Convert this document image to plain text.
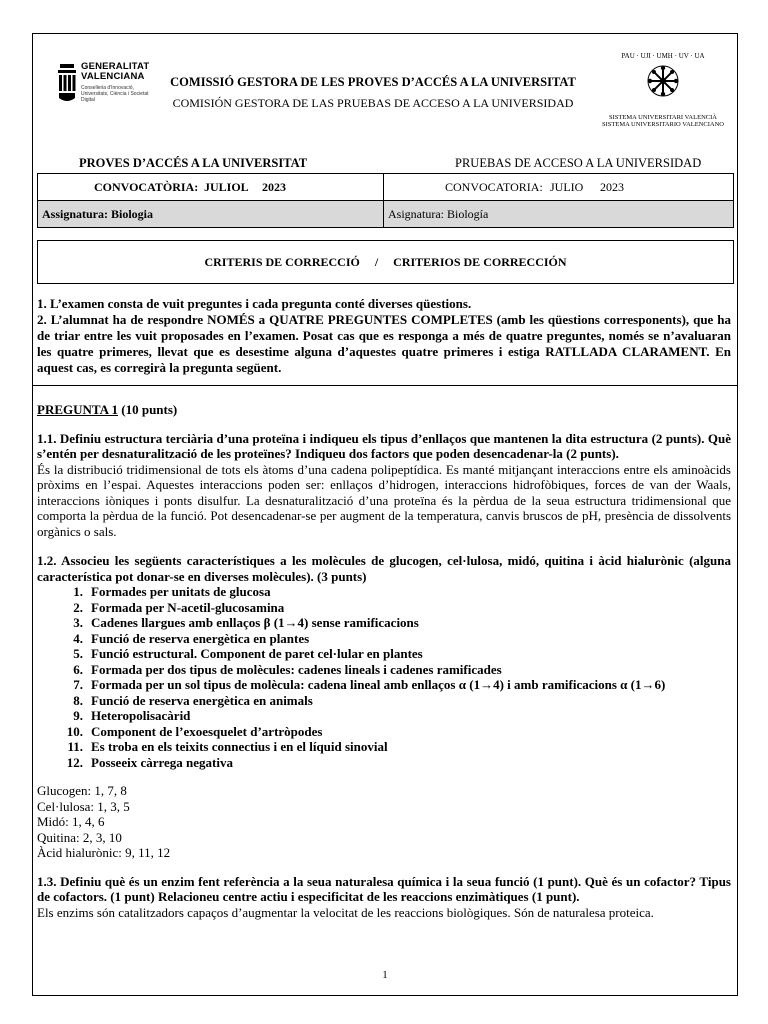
GENERALITAT
VALENCIANA
Conselleria d'Innovació, Universitats, Ciència i Societat Digital
COMISSIÓ GESTORA DE LES PROVES D’ACCÉS A LA UNIVERSITAT
COMISIÓN GESTORA DE LAS PRUEBAS DE ACCESO A LA UNIVERSIDAD
PAU · UJI · UMH · UV · UA
SISTEMA UNIVERSITARI VALENCIÀ
SISTEMA UNIVERSITARIO VALENCIANO
PROVES D’ACCÉS A LA UNIVERSITAT	PRUEBAS DE ACCESO A LA UNIVERSIDAD
CONVOCATÒRIA: JULIOL 2023	CONVOCATORIA: JULIO 2023
Assignatura: Biologia	Asignatura: Biología
CRITERIS DE CORRECCIÓ     /     CRITERIOS DE CORRECCIÓN
1. L’examen consta de vuit preguntes i cada pregunta conté diverses qüestions.
2. L’alumnat ha de respondre NOMÉS a QUATRE PREGUNTES COMPLETES (amb les qüestions corresponents), que ha de triar entre les vuit proposades en l’examen. Posat cas que es responga a més de quatre preguntes, només se n’avaluaran les quatre primeres, llevat que es desestime alguna d’aquestes quatre primeres i estiga RATLLADA CLARAMENT. En aquest cas, es corregirà la pregunta següent.
PREGUNTA 1 (10 punts)
1.1. Definiu estructura terciària d’una proteïna i indiqueu els tipus d’enllaços que mantenen la dita estructura (2 punts). Què s’entén per desnaturalització de les proteïnes? Indiqueu dos factors que poden desencadenar-la (2 punts).
És la distribució tridimensional de tots els àtoms d’una cadena polipeptídica. Es manté mitjançant interaccions entre els aminoàcids pròxims en l’espai. Aquestes interaccions poden ser: enllaços d’hidrogen, interaccions hidrofòbiques, forces de van der Waals, interaccions iòniques i ponts disulfur. La desnaturalització d’una proteïna és la pèrdua de la seua estructura tridimensional que comporta la pèrdua de la funció. Pot desencadenar-se per augment de la temperatura, canvis bruscos de pH, presència de dissolvents orgànics o sals.
1.2. Associeu les següents característiques a les molècules de glucogen, cel·lulosa, midó, quitina i àcid hialurònic (alguna característica pot donar-se en diverses molècules). (3 punts)
1. Formades per unitats de glucosa
2. Formada per N-acetil-glucosamina
3. Cadenes llargues amb enllaços β (1→4) sense ramificacions
4. Funció de reserva energètica en plantes
5. Funció estructural. Component de paret cel·lular en plantes
6. Formada per dos tipus de molècules: cadenes lineals i cadenes ramificades
7. Formada per un sol tipus de molècula: cadena lineal amb enllaços α (1→4) i amb ramificacions α (1→6)
8. Funció de reserva energètica en animals
9. Heteropolisacàrid
10. Component de l’exoesquelet d’artròpodes
11. Es troba en els teixits connectius i en el líquid sinovial
12. Posseeix càrrega negativa
Glucogen: 1, 7, 8
Cel·lulosa: 1, 3, 5
Midó: 1, 4, 6
Quitina: 2, 3, 10
Àcid hialurònic: 9, 11, 12
1.3. Definiu què és un enzim fent referència a la seua naturalesa química i la seua funció (1 punt). Què és un cofactor? Tipus de cofactors. (1 punt) Relacioneu centre actiu i especificitat de les reaccions enzimàtiques (1 punt).
Els enzims són catalitzadors capaços d’augmentar la velocitat de les reaccions biològiques. Són de naturalesa proteica.
1
